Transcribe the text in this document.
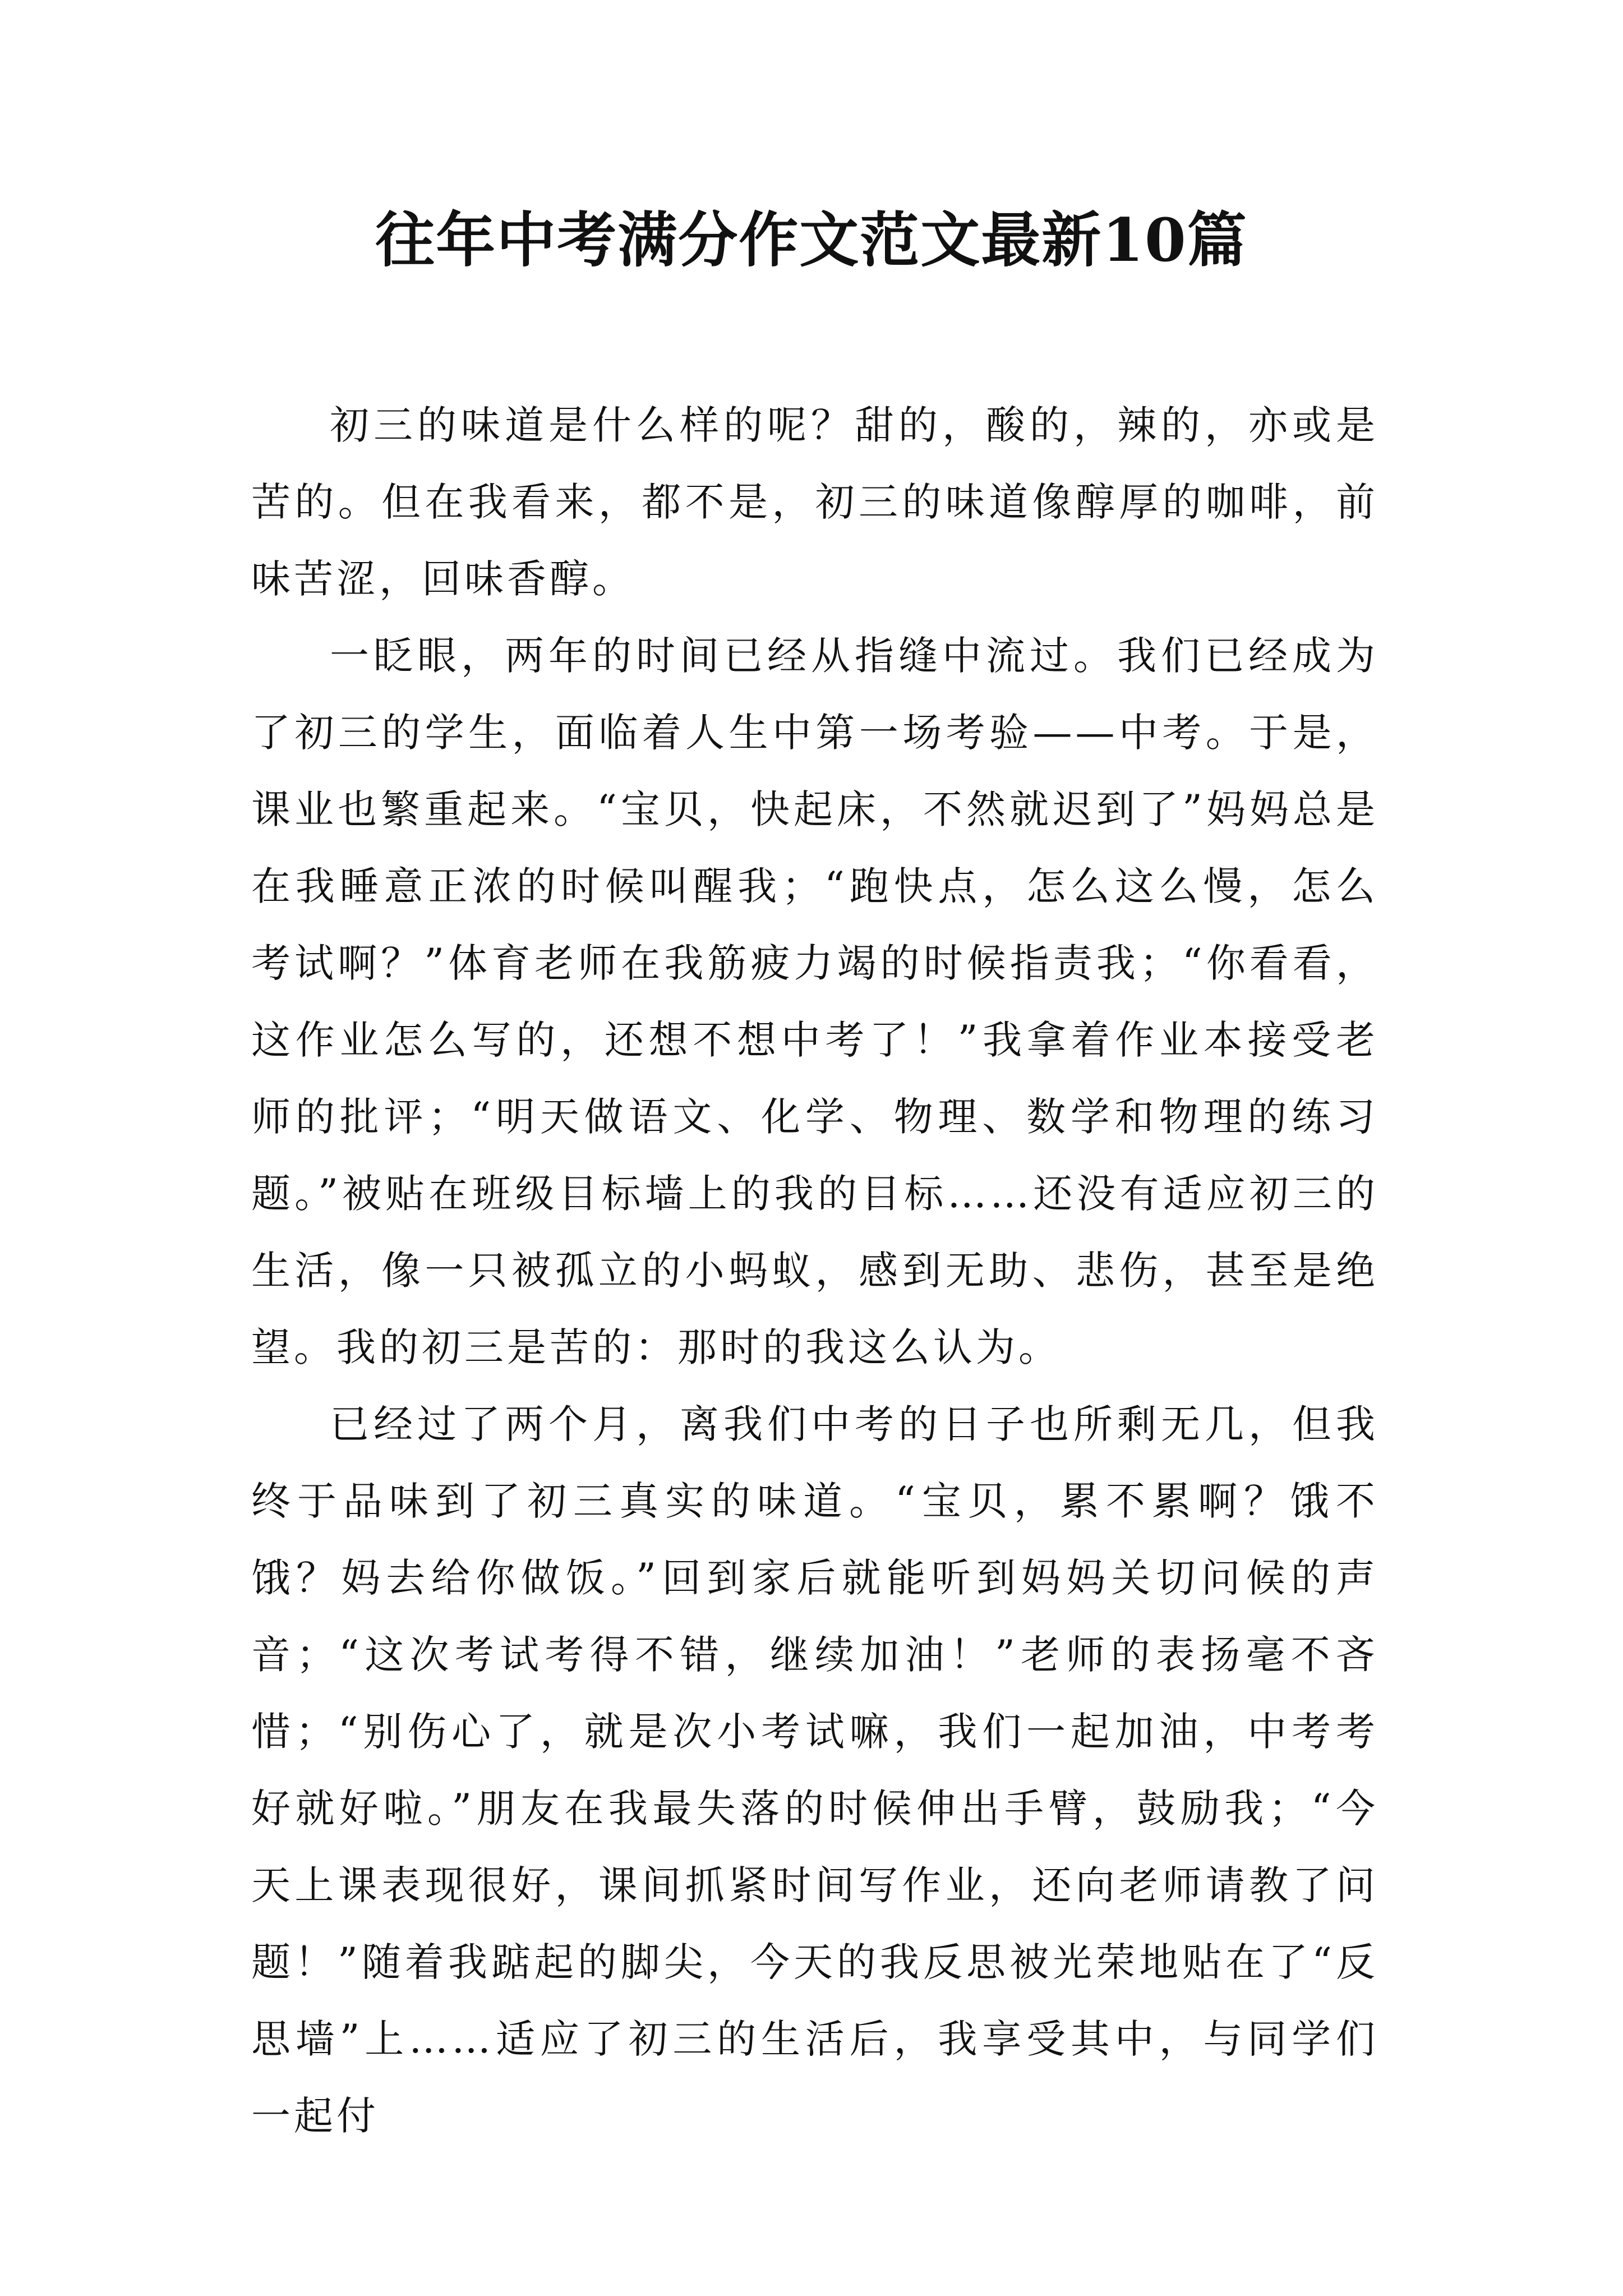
往年中考满分作文范文最新10篇

初三的味道是什么样的呢？甜的，酸的，辣的，亦或是苦的。但在我看来，都不是，初三的味道像醇厚的咖啡，前味苦涩，回味香醇。

一眨眼，两年的时间已经从指缝中流过。我们已经成为了初三的学生，面临着人生中第一场考验——中考。于是，课业也繁重起来。“宝贝，快起床，不然就迟到了”妈妈总是在我睡意正浓的时候叫醒我；“跑快点，怎么这么慢，怎么考试啊？”体育老师在我筋疲力竭的时候指责我；“你看看，这作业怎么写的，还想不想中考了！”我拿着作业本接受老师的批评；“明天做语文、化学、物理、数学和物理的练习题。”被贴在班级目标墙上的我的目标……还没有适应初三的生活，像一只被孤立的小蚂蚁，感到无助、悲伤，甚至是绝望。我的初三是苦的：那时的我这么认为。

已经过了两个月，离我们中考的日子也所剩无几，但我终于品味到了初三真实的味道。“宝贝，累不累啊？饿不饿？妈去给你做饭。”回到家后就能听到妈妈关切问候的声音；“这次考试考得不错，继续加油！”老师的表扬毫不吝惜；“别伤心了，就是次小考试嘛，我们一起加油，中考考好就好啦。”朋友在我最失落的时候伸出手臂，鼓励我；“今天上课表现很好，课间抓紧时间写作业，还向老师请教了问题！”随着我踮起的脚尖，今天的我反思被光荣地贴在了“反思墙”上……适应了初三的生活后，我享受其中，与同学们一起付
